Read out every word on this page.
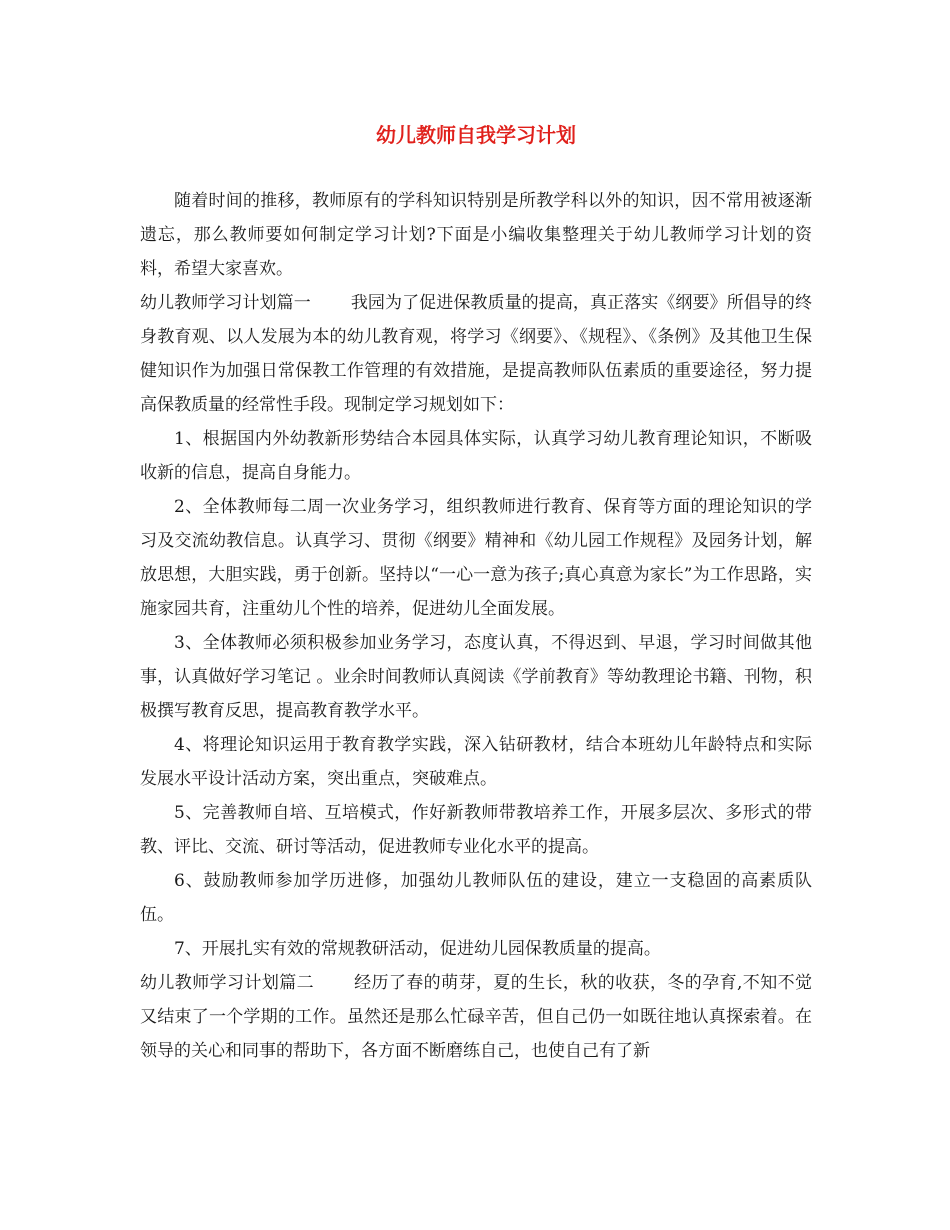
幼儿教师自我学习计划

随着时间的推移，教师原有的学科知识特别是所教学科以外的知识，因不常用被逐渐遗忘，那么教师要如何制定学习计划?下面是小编收集整理关于幼儿教师学习计划的资料，希望大家喜欢。

幼儿教师学习计划篇一 我园为了促进保教质量的提高，真正落实《纲要》所倡导的终身教育观、以人发展为本的幼儿教育观，将学习《纲要》、《规程》、《条例》及其他卫生保健知识作为加强日常保教工作管理的有效措施，是提高教师队伍素质的重要途径，努力提高保教质量的经常性手段。现制定学习规划如下：

1、根据国内外幼教新形势结合本园具体实际，认真学习幼儿教育理论知识，不断吸收新的信息，提高自身能力。

2、全体教师每二周一次业务学习，组织教师进行教育、保育等方面的理论知识的学习及交流幼教信息。认真学习、贯彻《纲要》精神和《幼儿园工作规程》及园务计划，解放思想，大胆实践，勇于创新。坚持以“一心一意为孩子;真心真意为家长”为工作思路，实施家园共育，注重幼儿个性的培养，促进幼儿全面发展。

3、全体教师必须积极参加业务学习，态度认真，不得迟到、早退，学习时间做其他事，认真做好学习笔记 。业余时间教师认真阅读《学前教育》等幼教理论书籍、刊物，积极撰写教育反思，提高教育教学水平。

4、将理论知识运用于教育教学实践，深入钻研教材，结合本班幼儿年龄特点和实际发展水平设计活动方案，突出重点，突破难点。

5、完善教师自培、互培模式，作好新教师带教培养工作，开展多层次、多形式的带教、评比、交流、研讨等活动，促进教师专业化水平的提高。

6、鼓励教师参加学历进修，加强幼儿教师队伍的建设，建立一支稳固的高素质队伍。

7、开展扎实有效的常规教研活动，促进幼儿园保教质量的提高。

幼儿教师学习计划篇二 经历了春的萌芽，夏的生长，秋的收获，冬的孕育,不知不觉又结束了一个学期的工作。虽然还是那么忙碌辛苦，但自己仍一如既往地认真探索着。在领导的关心和同事的帮助下，各方面不断磨练自己，也使自己有了新
